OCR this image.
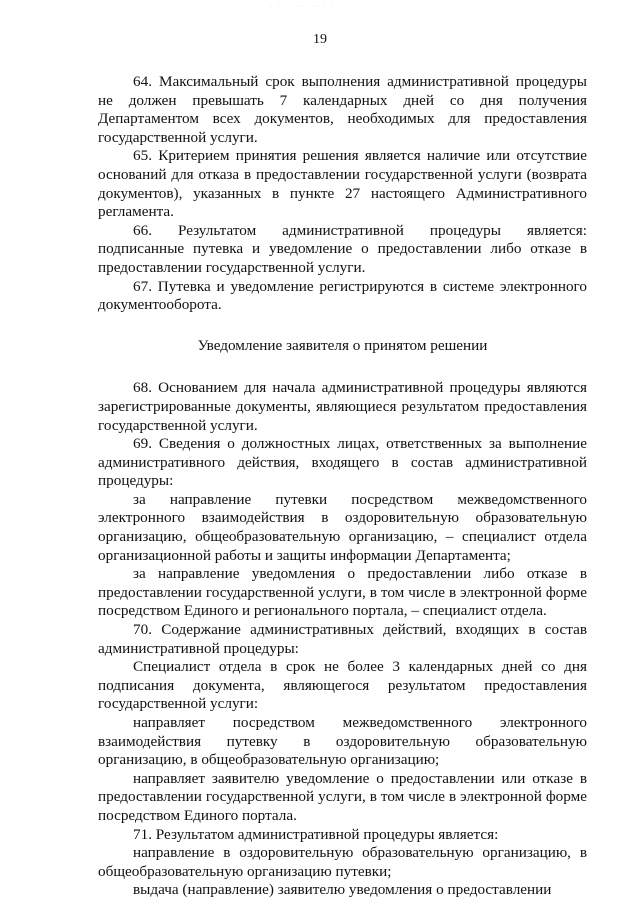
· ·· · ·· ··· · ·
19

64. Максимальный срок выполнения административной процедуры не должен превышать 7 календарных дней со дня получения Департаментом всех документов, необходимых для предоставления государственной услуги.

65. Критерием принятия решения является наличие или отсутствие оснований для отказа в предоставлении государственной услуги (возврата документов), указанных в пункте 27 настоящего Административного регламента.

66. Результатом административной процедуры является: подписанные путевка и уведомление о предоставлении либо отказе в предоставлении государственной услуги.

67. Путевка и уведомление регистрируются в системе электронного документооборота.

Уведомление заявителя о принятом решении

68. Основанием для начала административной процедуры являются зарегистрированные документы, являющиеся результатом предоставления государственной услуги.

69. Сведения о должностных лицах, ответственных за выполнение административного действия, входящего в состав административной процедуры:

за направление путевки посредством межведомственного электронного взаимодействия в оздоровительную образовательную организацию, общеобразовательную организацию, – специалист отдела организационной работы и защиты информации Департамента;

за направление уведомления о предоставлении либо отказе в предоставлении государственной услуги, в том числе в электронной форме посредством Единого и регионального портала, – специалист отдела.

70. Содержание административных действий, входящих в состав административной процедуры:

Специалист отдела в срок не более 3 календарных дней со дня подписания документа, являющегося результатом предоставления государственной услуги:

направляет посредством межведомственного электронного взаимодействия путевку в оздоровительную образовательную организацию, в общеобразовательную организацию;

направляет заявителю уведомление о предоставлении или отказе в предоставлении государственной услуги, в том числе в электронной форме посредством Единого портала.

71. Результатом административной процедуры является:

направление в оздоровительную образовательную организацию, в общеобразовательную организацию путевки;

выдача (направление) заявителю уведомления о предоставлении
